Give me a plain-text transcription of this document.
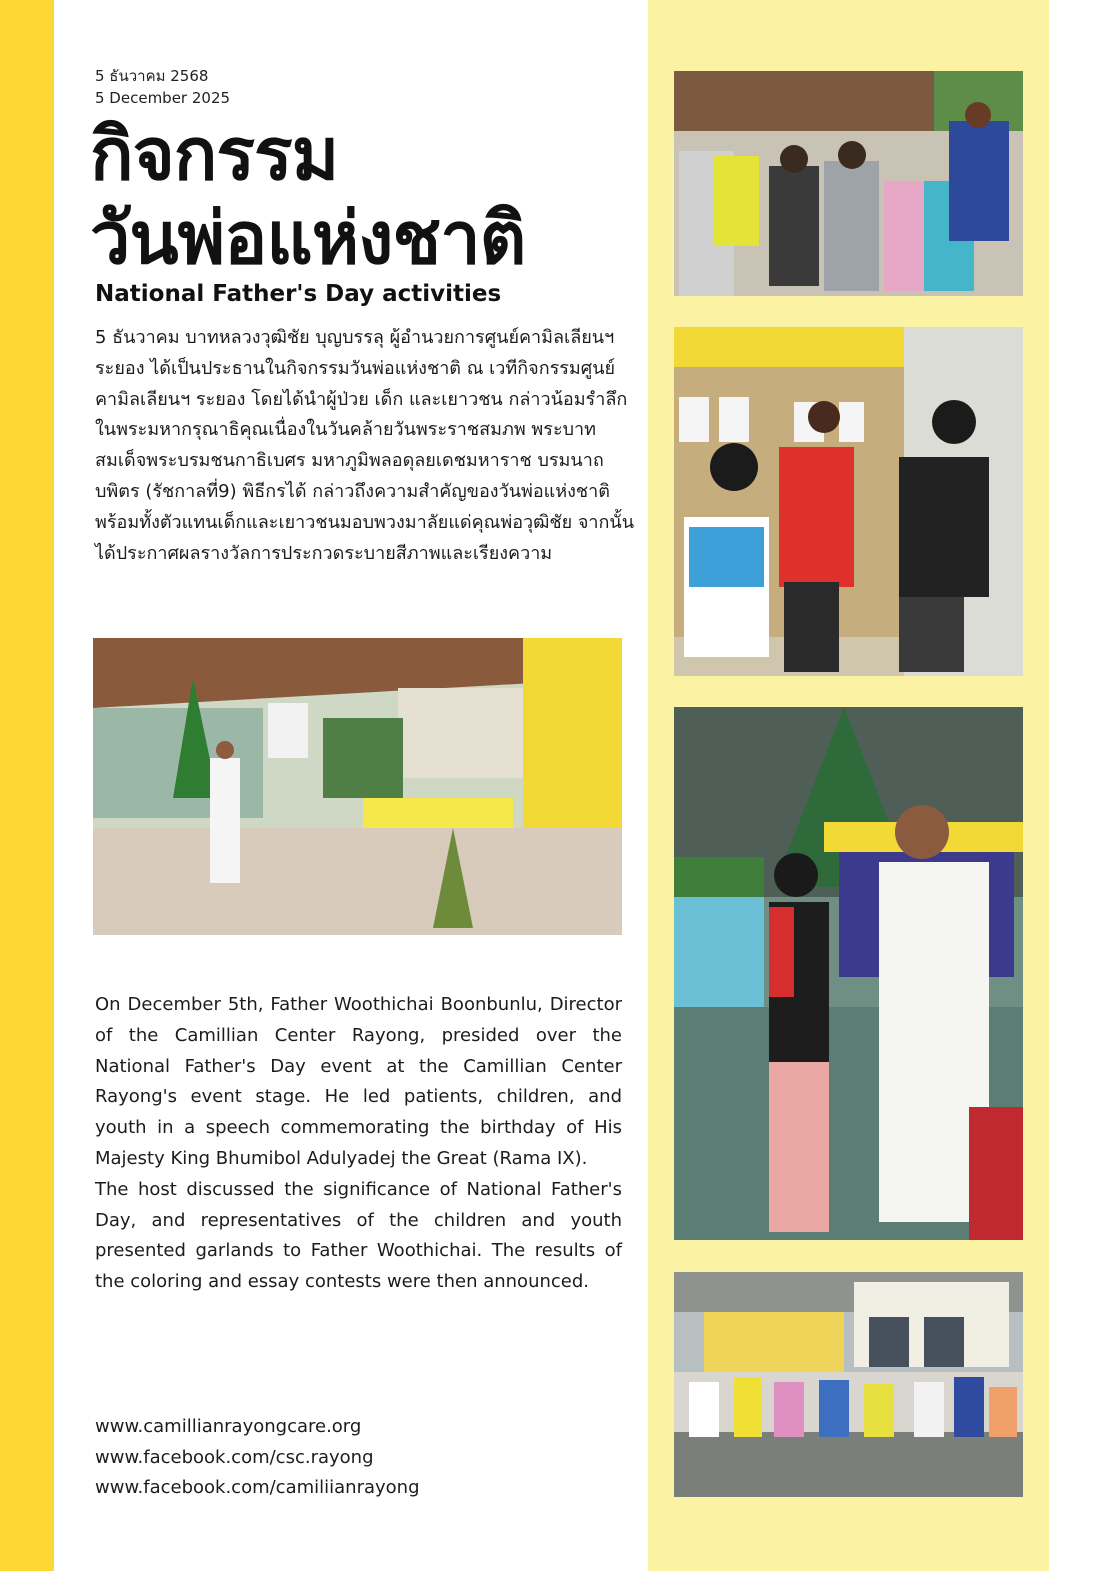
5 ธันวาคม 2568
5 December 2025
กิจกรรม
วันพ่อแห่งชาติ
National Father's Day activities
5 ธันวาคม บาทหลวงวุฒิชัย บุญบรรลุ ผู้อำนวยการศูนย์คามิลเลียนฯ ระยอง ได้เป็นประธานในกิจกรรมวันพ่อแห่งชาติ ณ เวทีกิจกรรมศูนย์คามิลเลียนฯ ระยอง โดยได้นำผู้ป่วย เด็ก และเยาวชน กล่าวน้อมรำลึกในพระมหากรุณาธิคุณเนื่องในวันคล้ายวันพระราชสมภพ พระบาทสมเด็จพระบรมชนกาธิเบศร มหาภูมิพลอดุลยเดชมหาราช บรมนาถบพิตร (รัชกาลที่9) พิธีกรได้ กล่าวถึงความสำคัญของวันพ่อแห่งชาติ พร้อมทั้งตัวแทนเด็กและเยาวชนมอบพวงมาลัยแด่คุณพ่อวุฒิชัย จากนั้นได้ประกาศผลรางวัลการประกวดระบายสีภาพและเรียงความ

On December 5th, Father Woothichai Boonbunlu, Director of the Camillian Center Rayong, presided over the National Father's Day event at the Camillian Center Rayong's event stage. He led patients, children, and youth in a speech commemorating the birthday of His Majesty King Bhumibol Adulyadej the Great (Rama IX).

The host discussed the significance of National Father's Day, and representatives of the children and youth presented garlands to Father Woothichai. The results of the coloring and essay contests were then announced.

www.camillianrayongcare.org
www.facebook.com/csc.rayong
www.facebook.com/camiliianrayong
